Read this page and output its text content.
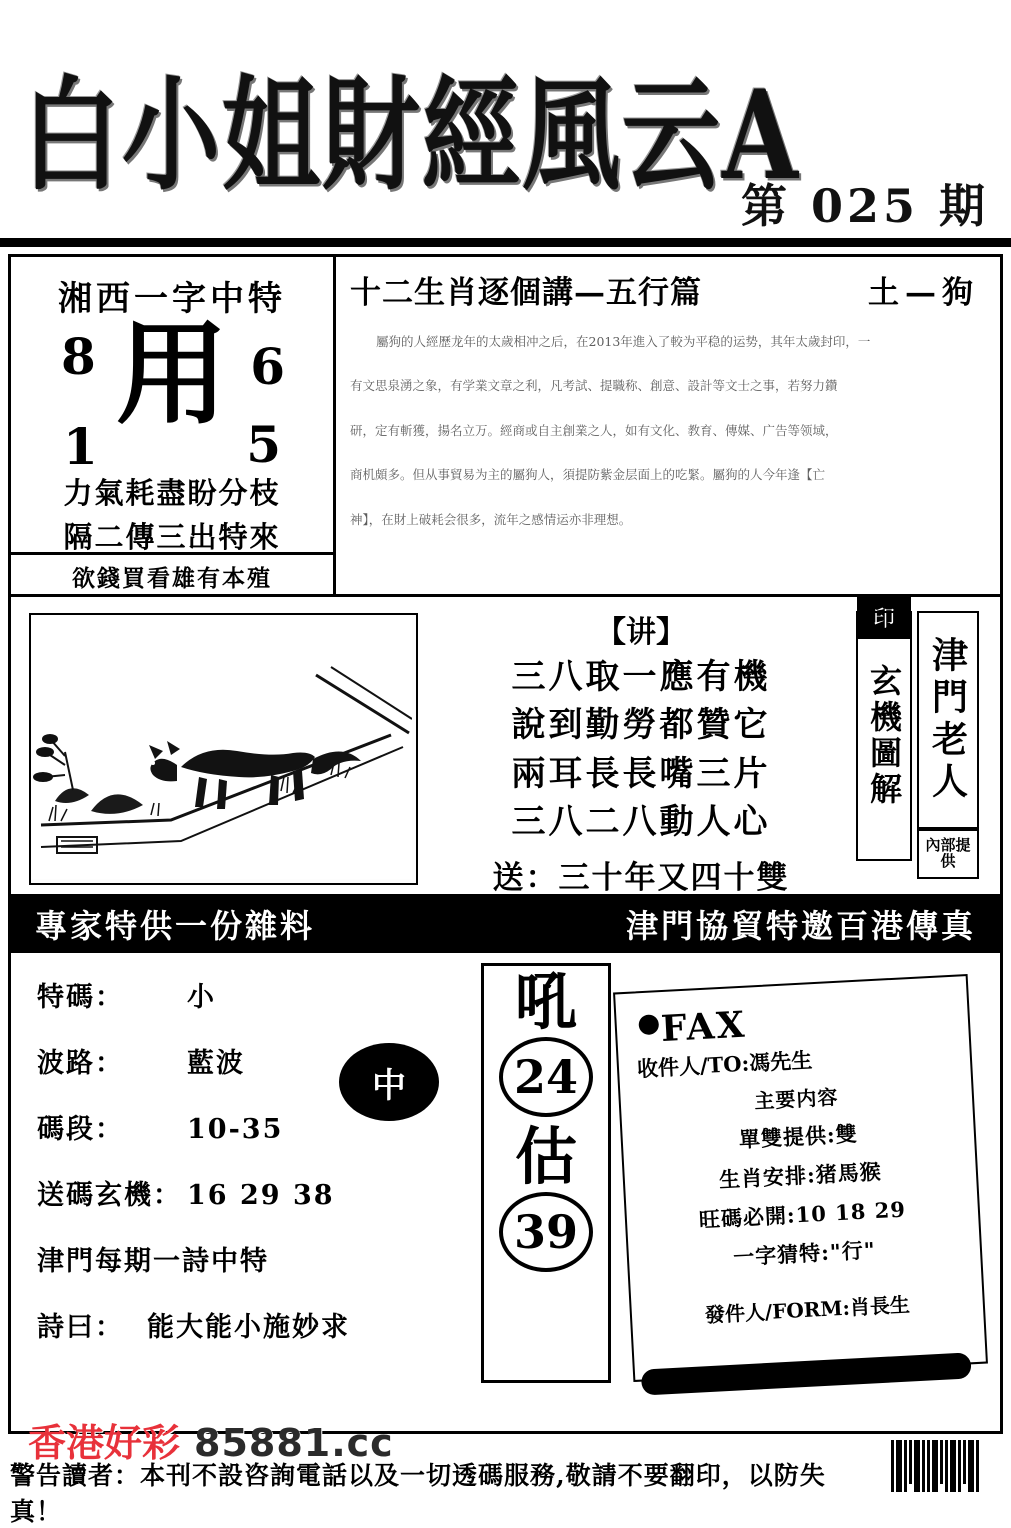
白小姐財經風云A
第 025 期
湘西一字中特
8	6
1	5
用
力氣耗盡盼分枝
隔二傳三出特來
欲錢買看雄有本殖
十二生肖逐個講—五行篇	土—狗

屬狗的人經歷龙年的太歲相冲之后，在2013年進入了較为平稳的运势，其年太歲封印，一

有文思泉湧之象，有学業文章之利，凡考試、提職称、創意、設計等文士之事，若努力鑽

研，定有斬獲，揚名立万。經商或自主創業之人，如有文化、教育、傳媒、广告等领域，

商机頗多。但从事貿易为主的屬狗人，須提防紫金层面上的吃緊。屬狗的人今年逢【亡

神】，在財上破耗会很多，流年之感情运亦非理想。

【讲】
三八取一應有機
說到勤勞都贊它
兩耳長長嘴三片
三八二八動人心
送：三十年又四十雙
印
玄機圖解 津門老人
內部提供
專家特供一份雜料	津門協貿特邀百港傳真
特碼： 小
波路： 藍波
碼段： 10-35
送碼玄機： 16 29 38
津門每期一詩中特
詩曰： 能大能小施妙求
中
吼
24
估
39
FAX
收件人/TO:馮先生
主要内容
單雙提供:雙
生肖安排:猪馬猴
旺碼必開:10 18 29
一字猜特:"行"
發件人/FORM:肖長生
警告讀者：本刊不設咨詢電話以及一切透碼服務,敬請不要翻印，以防失真！
香港好彩 85881.cc
